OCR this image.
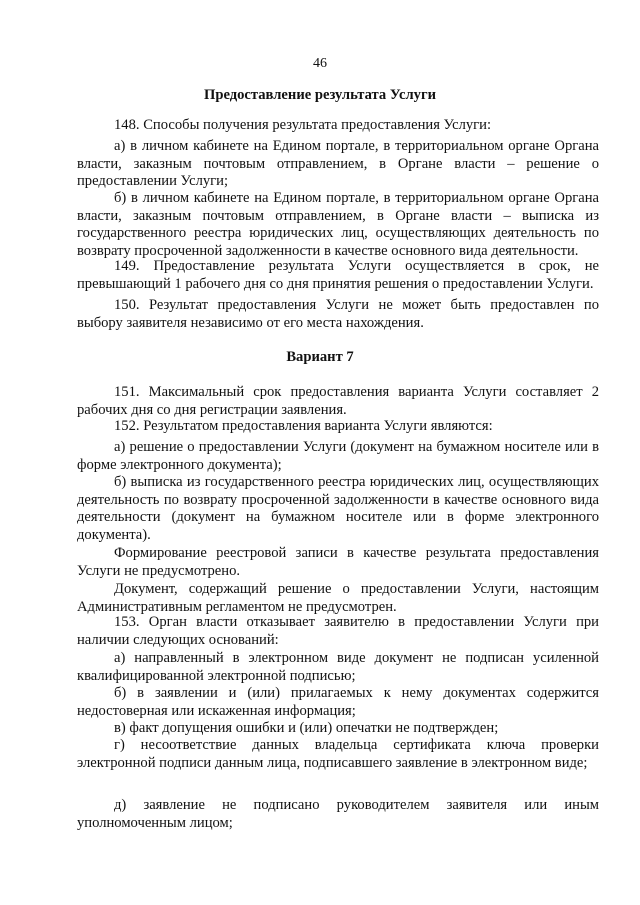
46
Предоставление результата Услуги

148. Способы получения результата предоставления Услуги:

а) в личном кабинете на Едином портале, в территориальном органе Органа власти, заказным почтовым отправлением, в Органе власти – решение о предоставлении Услуги;

б) в личном кабинете на Едином портале, в территориальном органе Органа власти, заказным почтовым отправлением, в Органе власти – выписка из государственного реестра юридических лиц, осуществляющих деятельность по возврату просроченной задолженности в качестве основного вида деятельности.

149. Предоставление результата Услуги осуществляется в срок, не превышающий 1 рабочего дня со дня принятия решения о предоставлении Услуги.

150. Результат предоставления Услуги не может быть предоставлен по выбору заявителя независимо от его места нахождения.

Вариант 7

151. Максимальный срок предоставления варианта Услуги составляет 2 рабочих дня со дня регистрации заявления.

152. Результатом предоставления варианта Услуги являются:

а) решение о предоставлении Услуги (документ на бумажном носителе или в форме электронного документа);

б) выписка из государственного реестра юридических лиц, осуществляющих деятельность по возврату просроченной задолженности в качестве основного вида деятельности (документ на бумажном носителе или в форме электронного документа).

Формирование реестровой записи в качестве результата предоставления Услуги не предусмотрено.

Документ, содержащий решение о предоставлении Услуги, настоящим Административным регламентом не предусмотрен.

153. Орган власти отказывает заявителю в предоставлении Услуги при наличии следующих оснований:

а) направленный в электронном виде документ не подписан усиленной квалифицированной электронной подписью;

б) в заявлении и (или) прилагаемых к нему документах содержится недостоверная или искаженная информация;

в) факт допущения ошибки и (или) опечатки не подтвержден;

г) несоответствие данных владельца сертификата ключа проверки электронной подписи данным лица, подписавшего заявление в электронном виде;

д) заявление не подписано руководителем заявителя или иным уполномоченным лицом;
